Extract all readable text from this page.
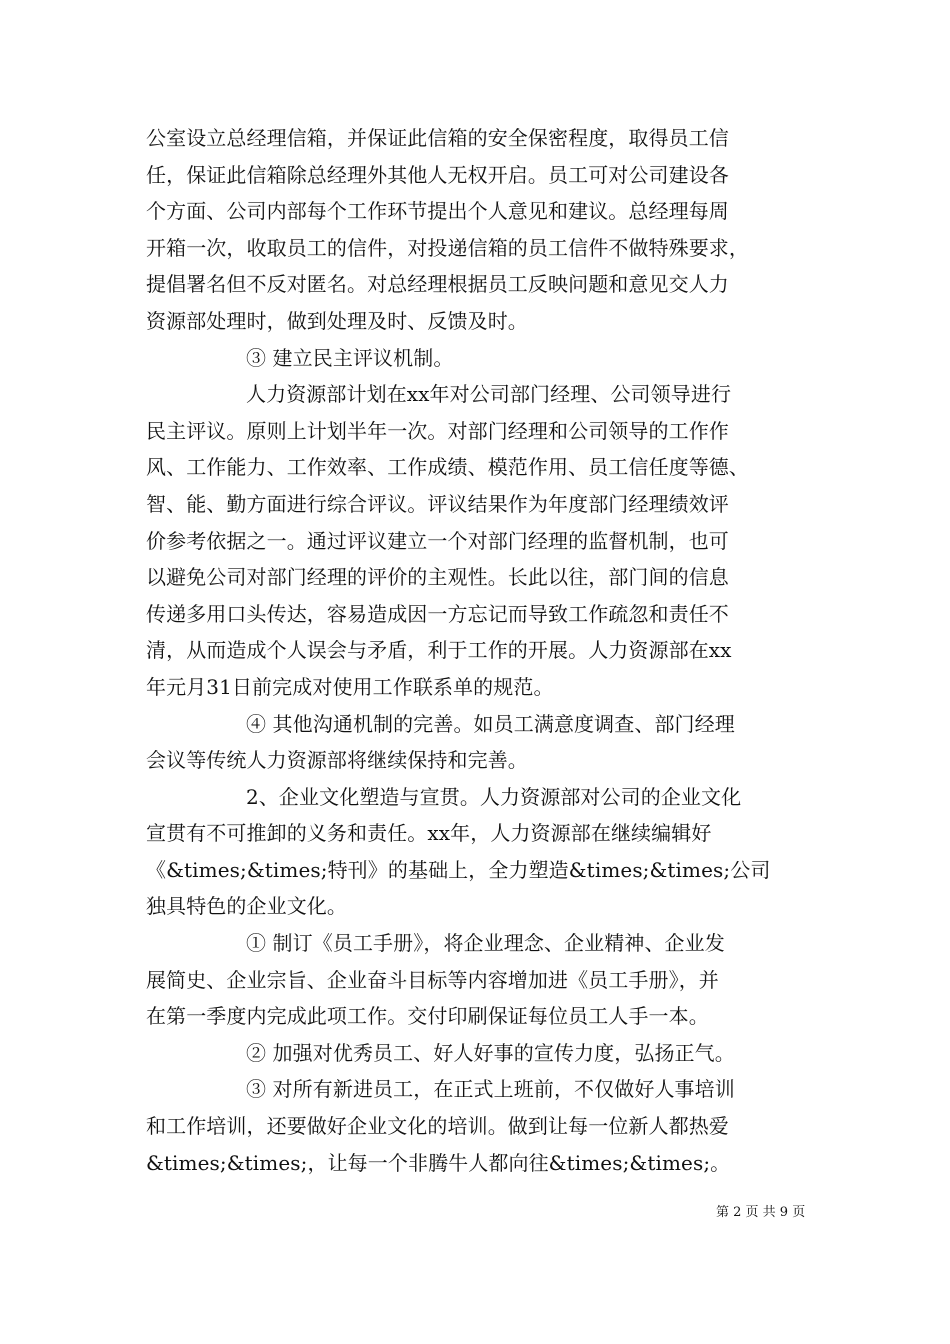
公室设立总经理信箱，并保证此信箱的安全保密程度，取得员工信
任，保证此信箱除总经理外其他人无权开启。员工可对公司建设各
个方面、公司内部每个工作环节提出个人意见和建议。总经理每周
开箱一次，收取员工的信件，对投递信箱的员工信件不做特殊要求，
提倡署名但不反对匿名。对总经理根据员工反映问题和意见交人力
资源部处理时，做到处理及时、反馈及时。
③ 建立民主评议机制。
人力资源部计划在xx年对公司部门经理、公司领导进行
民主评议。原则上计划半年一次。对部门经理和公司领导的工作作
风、工作能力、工作效率、工作成绩、模范作用、员工信任度等德、
智、能、勤方面进行综合评议。评议结果作为年度部门经理绩效评
价参考依据之一。通过评议建立一个对部门经理的监督机制，也可
以避免公司对部门经理的评价的主观性。长此以往，部门间的信息
传递多用口头传达，容易造成因一方忘记而导致工作疏忽和责任不
清，从而造成个人误会与矛盾，利于工作的开展。人力资源部在xx
年元月31日前完成对使用工作联系单的规范。
④ 其他沟通机制的完善。如员工满意度调查、部门经理
会议等传统人力资源部将继续保持和完善。
2、企业文化塑造与宣贯。人力资源部对公司的企业文化
宣贯有不可推卸的义务和责任。xx年，人力资源部在继续编辑好
《&times;&times;特刊》的基础上，全力塑造&times;&times;公司
独具特色的企业文化。
① 制订《员工手册》，将企业理念、企业精神、企业发
展简史、企业宗旨、企业奋斗目标等内容增加进《员工手册》，并
在第一季度内完成此项工作。交付印刷保证每位员工人手一本。
② 加强对优秀员工、好人好事的宣传力度，弘扬正气。
③ 对所有新进员工，在正式上班前，不仅做好人事培训
和工作培训，还要做好企业文化的培训。做到让每一位新人都热爱
&times;&times;，让每一个非腾牛人都向往&times;&times;。
第 2 页 共 9 页
